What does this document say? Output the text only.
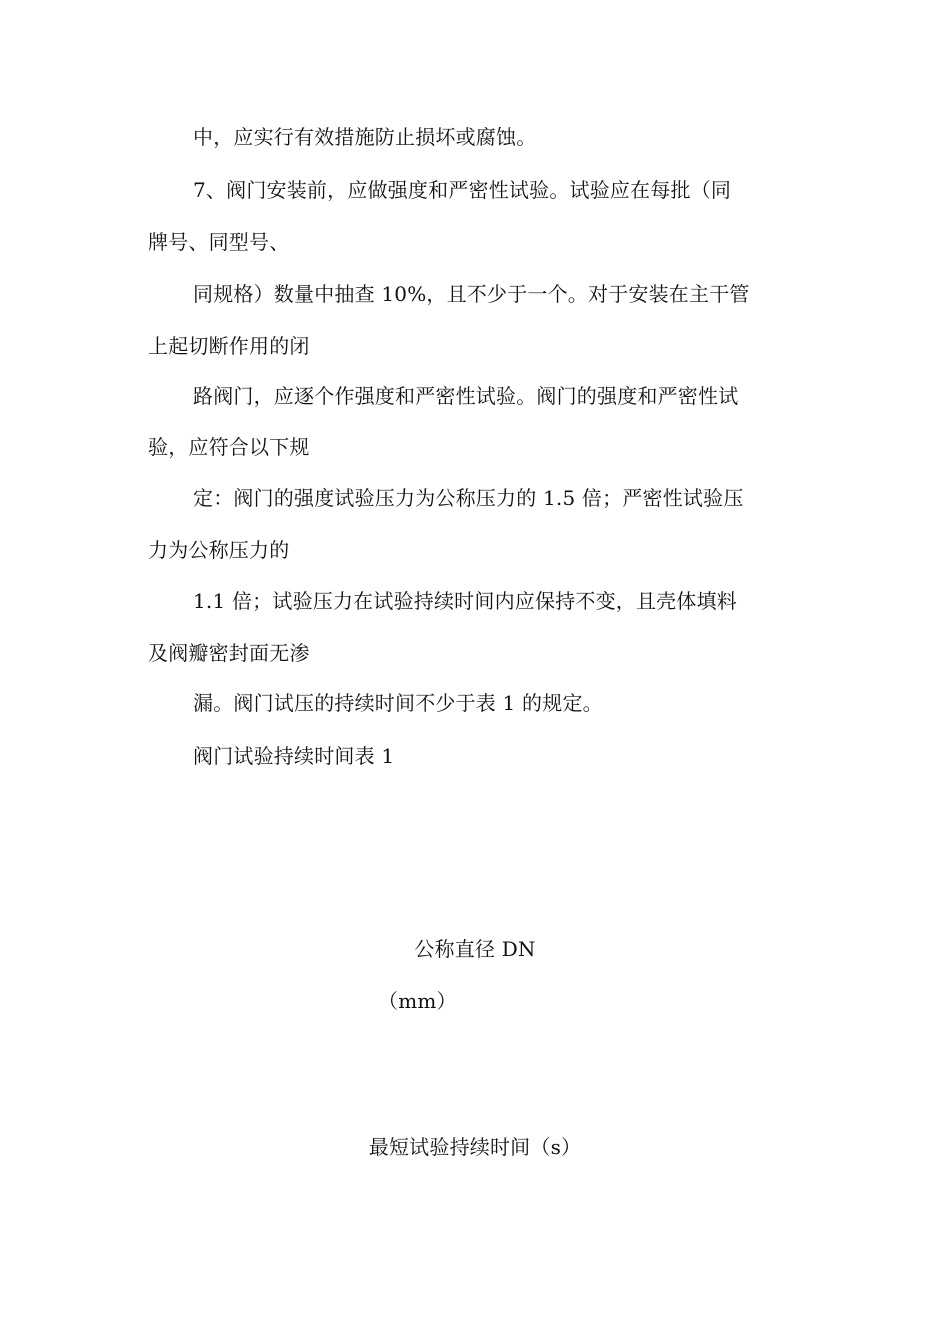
中，应实行有效措施防止损坏或腐蚀。
7、阀门安装前，应做强度和严密性试验。试验应在每批（同
牌号、同型号、
同规格）数量中抽查 10%，且不少于一个。对于安装在主干管
上起切断作用的闭
路阀门，应逐个作强度和严密性试验。阀门的强度和严密性试
验，应符合以下规
定：阀门的强度试验压力为公称压力的 1.5 倍；严密性试验压
力为公称压力的
1.1 倍；试验压力在试验持续时间内应保持不变，且壳体填料
及阀瓣密封面无渗
漏。阀门试压的持续时间不少于表 1 的规定。
阀门试验持续时间表 1
公称直径 DN
（mm）
最短试验持续时间（s）
